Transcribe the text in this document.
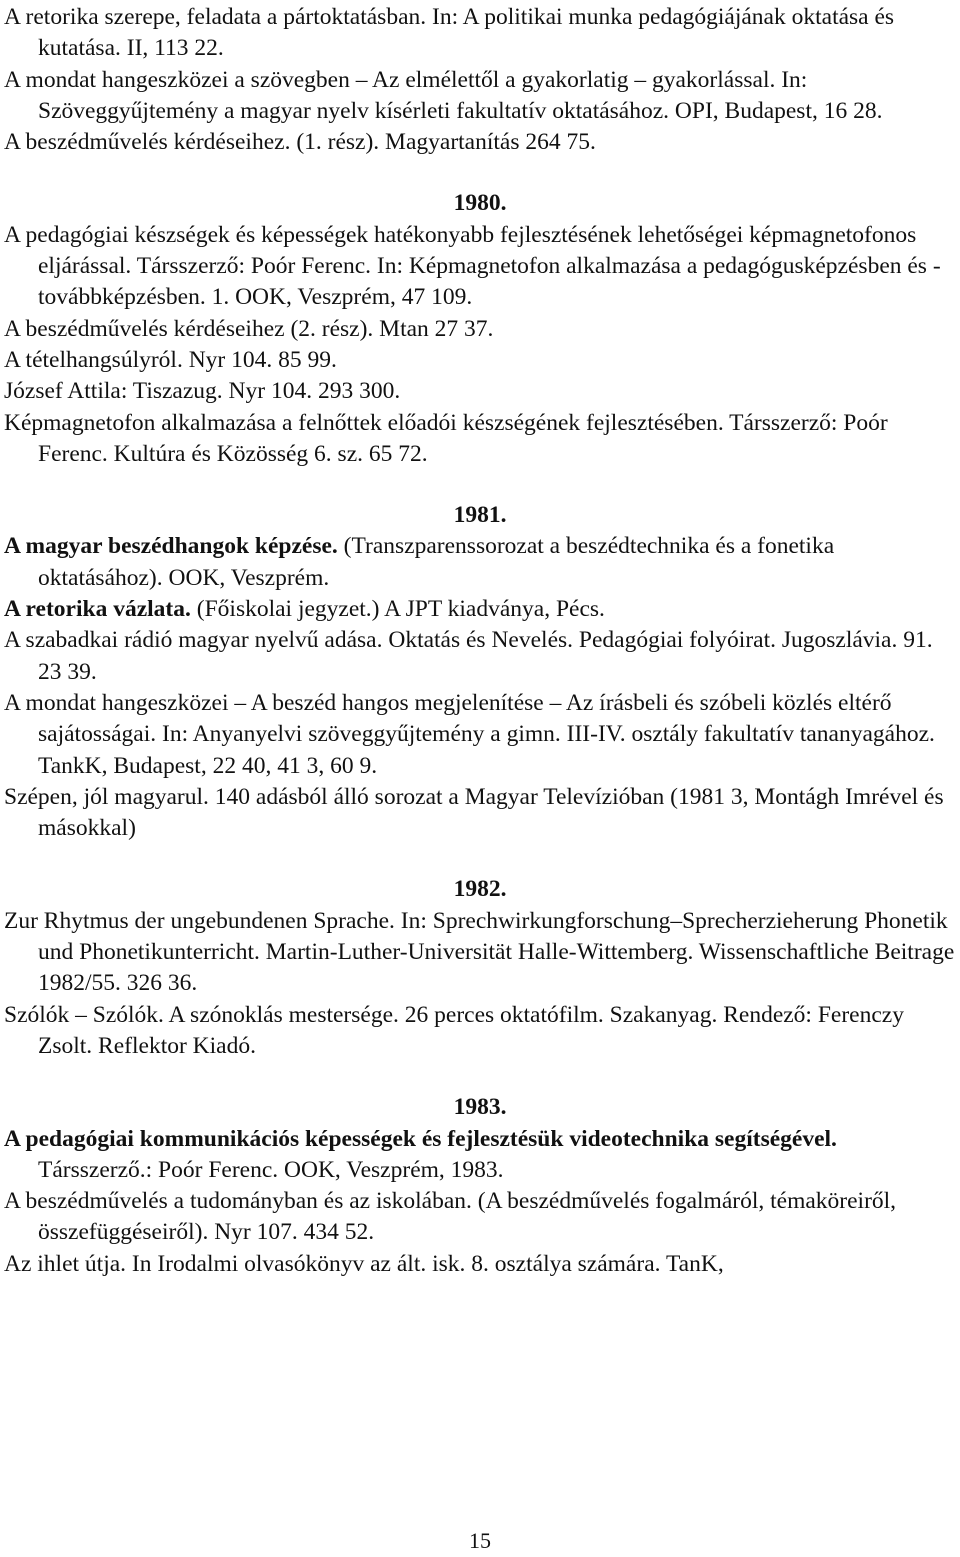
A retorika szerepe, feladata a pártoktatásban. In: A politikai munka pedagógiájának oktatása és kutatása. II, 113 22.
A mondat hangeszközei a szövegben – Az elmélettől a gyakorlatig – gyakorlással. In: Szöveggyűjtemény a magyar nyelv kísérleti fakultatív oktatásához. OPI, Budapest, 16 28.
A beszédművelés kérdéseihez. (1. rész). Magyartanítás 264 75.
1980.
A pedagógiai készségek és képességek hatékonyabb fejlesztésének lehetőségei képmagnetofonos eljárással. Társszerző: Poór Ferenc. In: Képmagnetofon alkalmazása a pedagógusképzésben és -továbbképzésben. 1. OOK, Veszprém, 47 109.
A beszédművelés kérdéseihez (2. rész). Mtan 27 37.
A tételhangsúlyról. Nyr 104. 85 99.
József Attila: Tiszazug. Nyr 104. 293 300.
Képmagnetofon alkalmazása a felnőttek előadói készségének fejlesztésében. Társszerző: Poór Ferenc. Kultúra és Közösség 6. sz. 65 72.
1981.
A magyar beszédhangok képzése. (Transzparenssorozat a beszédtechnika és a fonetika oktatásához). OOK, Veszprém.
A retorika vázlata. (Főiskolai jegyzet.) A JPT kiadványa, Pécs.
A szabadkai rádió magyar nyelvű adása. Oktatás és Nevelés. Pedagógiai folyóirat. Jugoszlávia. 91. 23 39.
A mondat hangeszközei – A beszéd hangos megjelenítése – Az írásbeli és szóbeli közlés eltérő sajátosságai. In: Anyanyelvi szöveggyűjtemény a gimn. III-IV. osztály fakultatív tananyagához. TankK, Budapest, 22 40, 41 3, 60 9.
Szépen, jól magyarul. 140 adásból álló sorozat a Magyar Televízióban (1981 3, Montágh Imrével és másokkal)
1982.
Zur Rhytmus der ungebundenen Sprache. In: Sprechwirkungforschung–Sprecherzieherung Phonetik und Phonetikunterricht. Martin-Luther-Universität Halle-Wittemberg. Wissenschaftliche Beitrage 1982/55. 326 36.
Szólók – Szólók. A szónoklás mestersége. 26 perces oktatófilm. Szakanyag. Rendező: Ferenczy Zsolt. Reflektor Kiadó.
1983.
A pedagógiai kommunikációs képességek és fejlesztésük videotechnika segítségével. Társszerző.: Poór Ferenc. OOK, Veszprém, 1983.
A beszédművelés a tudományban és az iskolában. (A beszédművelés fogalmáról, témaköreiről, összefüggéseiről). Nyr 107. 434 52.
Az ihlet útja. In Irodalmi olvasókönyv az ált. isk. 8. osztálya számára. TanK,
15
